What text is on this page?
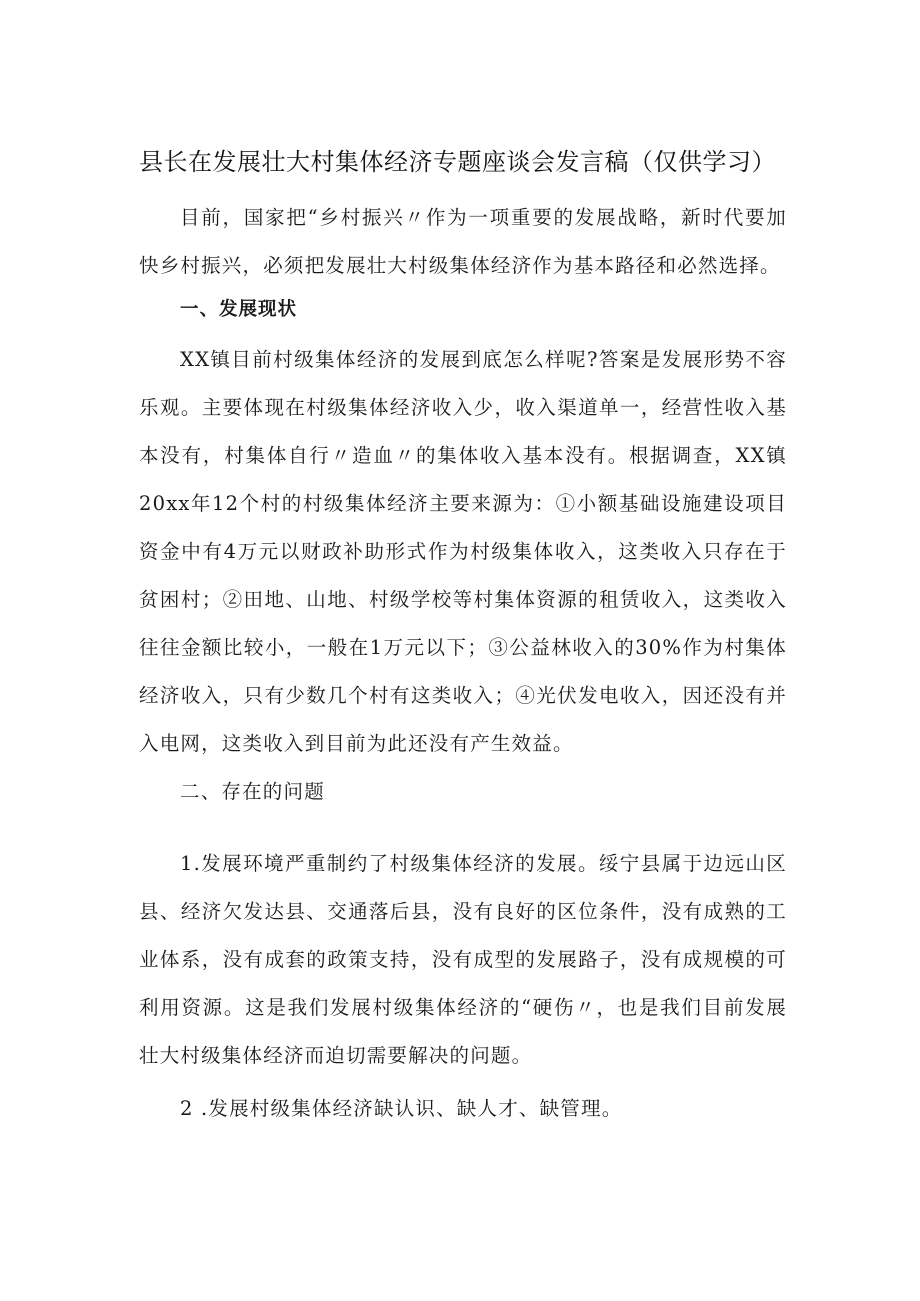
县长在发展壮大村集体经济专题座谈会发言稿（仅供学习）

目前，国家把“乡村振兴〃作为一项重要的发展战略，新时代要加快乡村振兴，必须把发展壮大村级集体经济作为基本路径和必然选择。

一、发展现状

XX镇目前村级集体经济的发展到底怎么样呢?答案是发展形势不容乐观。主要体现在村级集体经济收入少，收入渠道单一，经营性收入基本没有，村集体自行〃造血〃的集体收入基本没有。根据调查，XX镇20xx年12个村的村级集体经济主要来源为：①小额基础设施建设项目资金中有4万元以财政补助形式作为村级集体收入，这类收入只存在于贫困村；②田地、山地、村级学校等村集体资源的租赁收入，这类收入往往金额比较小，一般在1万元以下；③公益林收入的30%作为村集体经济收入，只有少数几个村有这类收入；④光伏发电收入，因还没有并入电网，这类收入到目前为此还没有产生效益。

二、存在的问题

1.发展环境严重制约了村级集体经济的发展。绥宁县属于边远山区县、经济欠发达县、交通落后县，没有良好的区位条件，没有成熟的工业体系，没有成套的政策支持，没有成型的发展路子，没有成规模的可利用资源。这是我们发展村级集体经济的“硬伤〃，也是我们目前发展壮大村级集体经济而迫切需要解决的问题。

2 .发展村级集体经济缺认识、缺人才、缺管理。
